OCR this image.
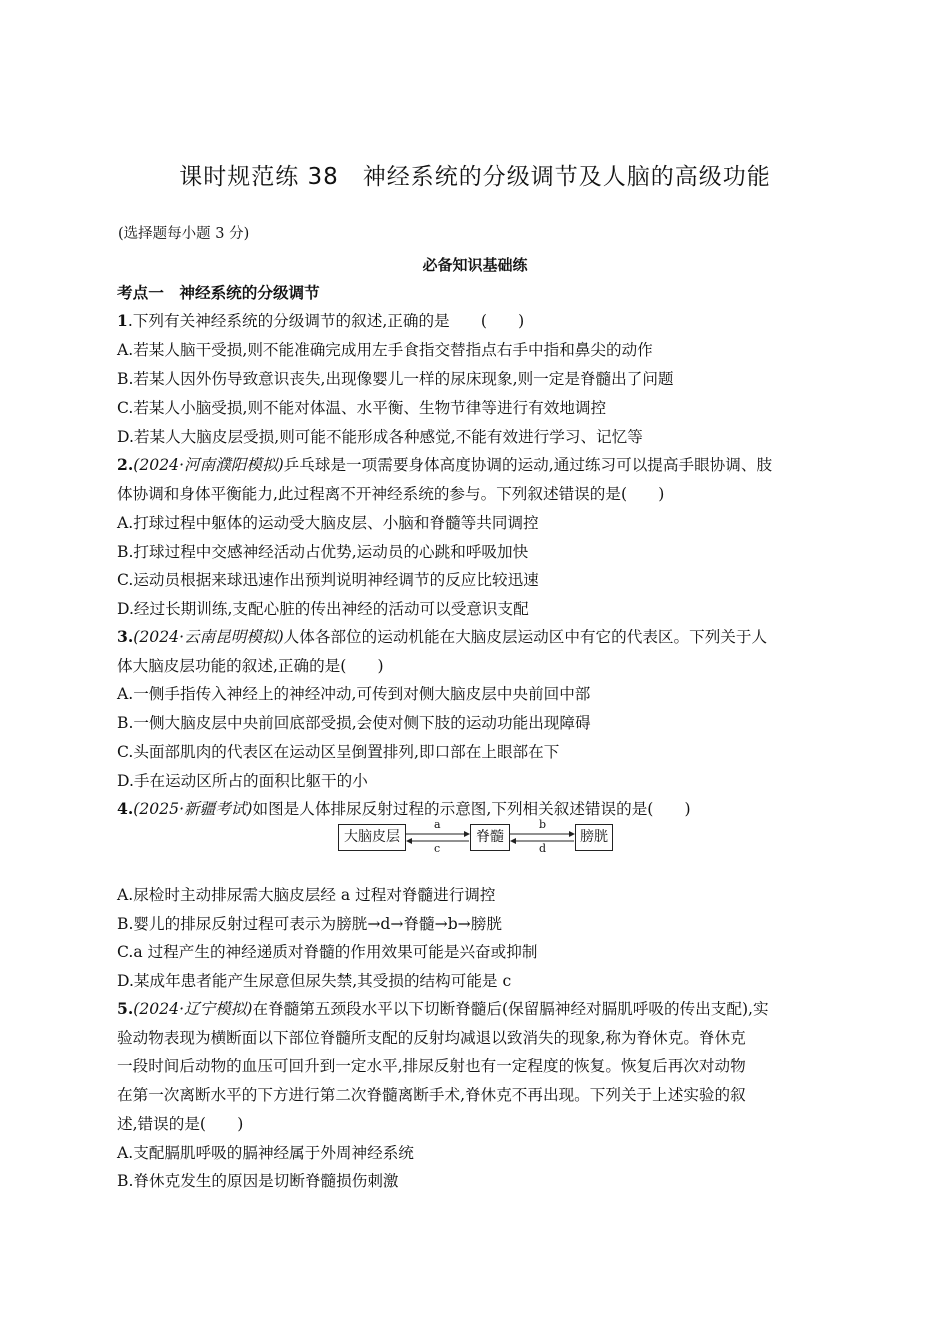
课时规范练 38　神经系统的分级调节及人脑的高级功能
(选择题每小题 3 分)
必备知识基础练
考点一　神经系统的分级调节
1.下列有关神经系统的分级调节的叙述,正确的是　　(　　)
A.若某人脑干受损,则不能准确完成用左手食指交替指点右手中指和鼻尖的动作
B.若某人因外伤导致意识丧失,出现像婴儿一样的尿床现象,则一定是脊髓出了问题
C.若某人小脑受损,则不能对体温、水平衡、生物节律等进行有效地调控
D.若某人大脑皮层受损,则可能不能形成各种感觉,不能有效进行学习、记忆等
2.(2024·河南濮阳模拟)乒乓球是一项需要身体高度协调的运动,通过练习可以提高手眼协调、肢
体协调和身体平衡能力,此过程离不开神经系统的参与。下列叙述错误的是(　　)
A.打球过程中躯体的运动受大脑皮层、小脑和脊髓等共同调控
B.打球过程中交感神经活动占优势,运动员的心跳和呼吸加快
C.运动员根据来球迅速作出预判说明神经调节的反应比较迅速
D.经过长期训练,支配心脏的传出神经的活动可以受意识支配
3.(2024·云南昆明模拟)人体各部位的运动机能在大脑皮层运动区中有它的代表区。下列关于人
体大脑皮层功能的叙述,正确的是(　　)
A.一侧手指传入神经上的神经冲动,可传到对侧大脑皮层中央前回中部
B.一侧大脑皮层中央前回底部受损,会使对侧下肢的运动功能出现障碍
C.头面部肌肉的代表区在运动区呈倒置排列,即口部在上眼部在下
D.手在运动区所占的面积比躯干的小
4.(2025·新疆考试)如图是人体排尿反射过程的示意图,下列相关叙述错误的是(　　)
大脑皮层	脊髓	膀胱
a
c
b
d
A.尿检时主动排尿需大脑皮层经 a 过程对脊髓进行调控
B.婴儿的排尿反射过程可表示为膀胱→d→脊髓→b→膀胱
C.a 过程产生的神经递质对脊髓的作用效果可能是兴奋或抑制
D.某成年患者能产生尿意但尿失禁,其受损的结构可能是 c
5.(2024·辽宁模拟)在脊髓第五颈段水平以下切断脊髓后(保留膈神经对膈肌呼吸的传出支配),实
验动物表现为横断面以下部位脊髓所支配的反射均减退以致消失的现象,称为脊休克。脊休克
一段时间后动物的血压可回升到一定水平,排尿反射也有一定程度的恢复。恢复后再次对动物
在第一次离断水平的下方进行第二次脊髓离断手术,脊休克不再出现。下列关于上述实验的叙
述,错误的是(　　)
A.支配膈肌呼吸的膈神经属于外周神经系统
B.脊休克发生的原因是切断脊髓损伤刺激
